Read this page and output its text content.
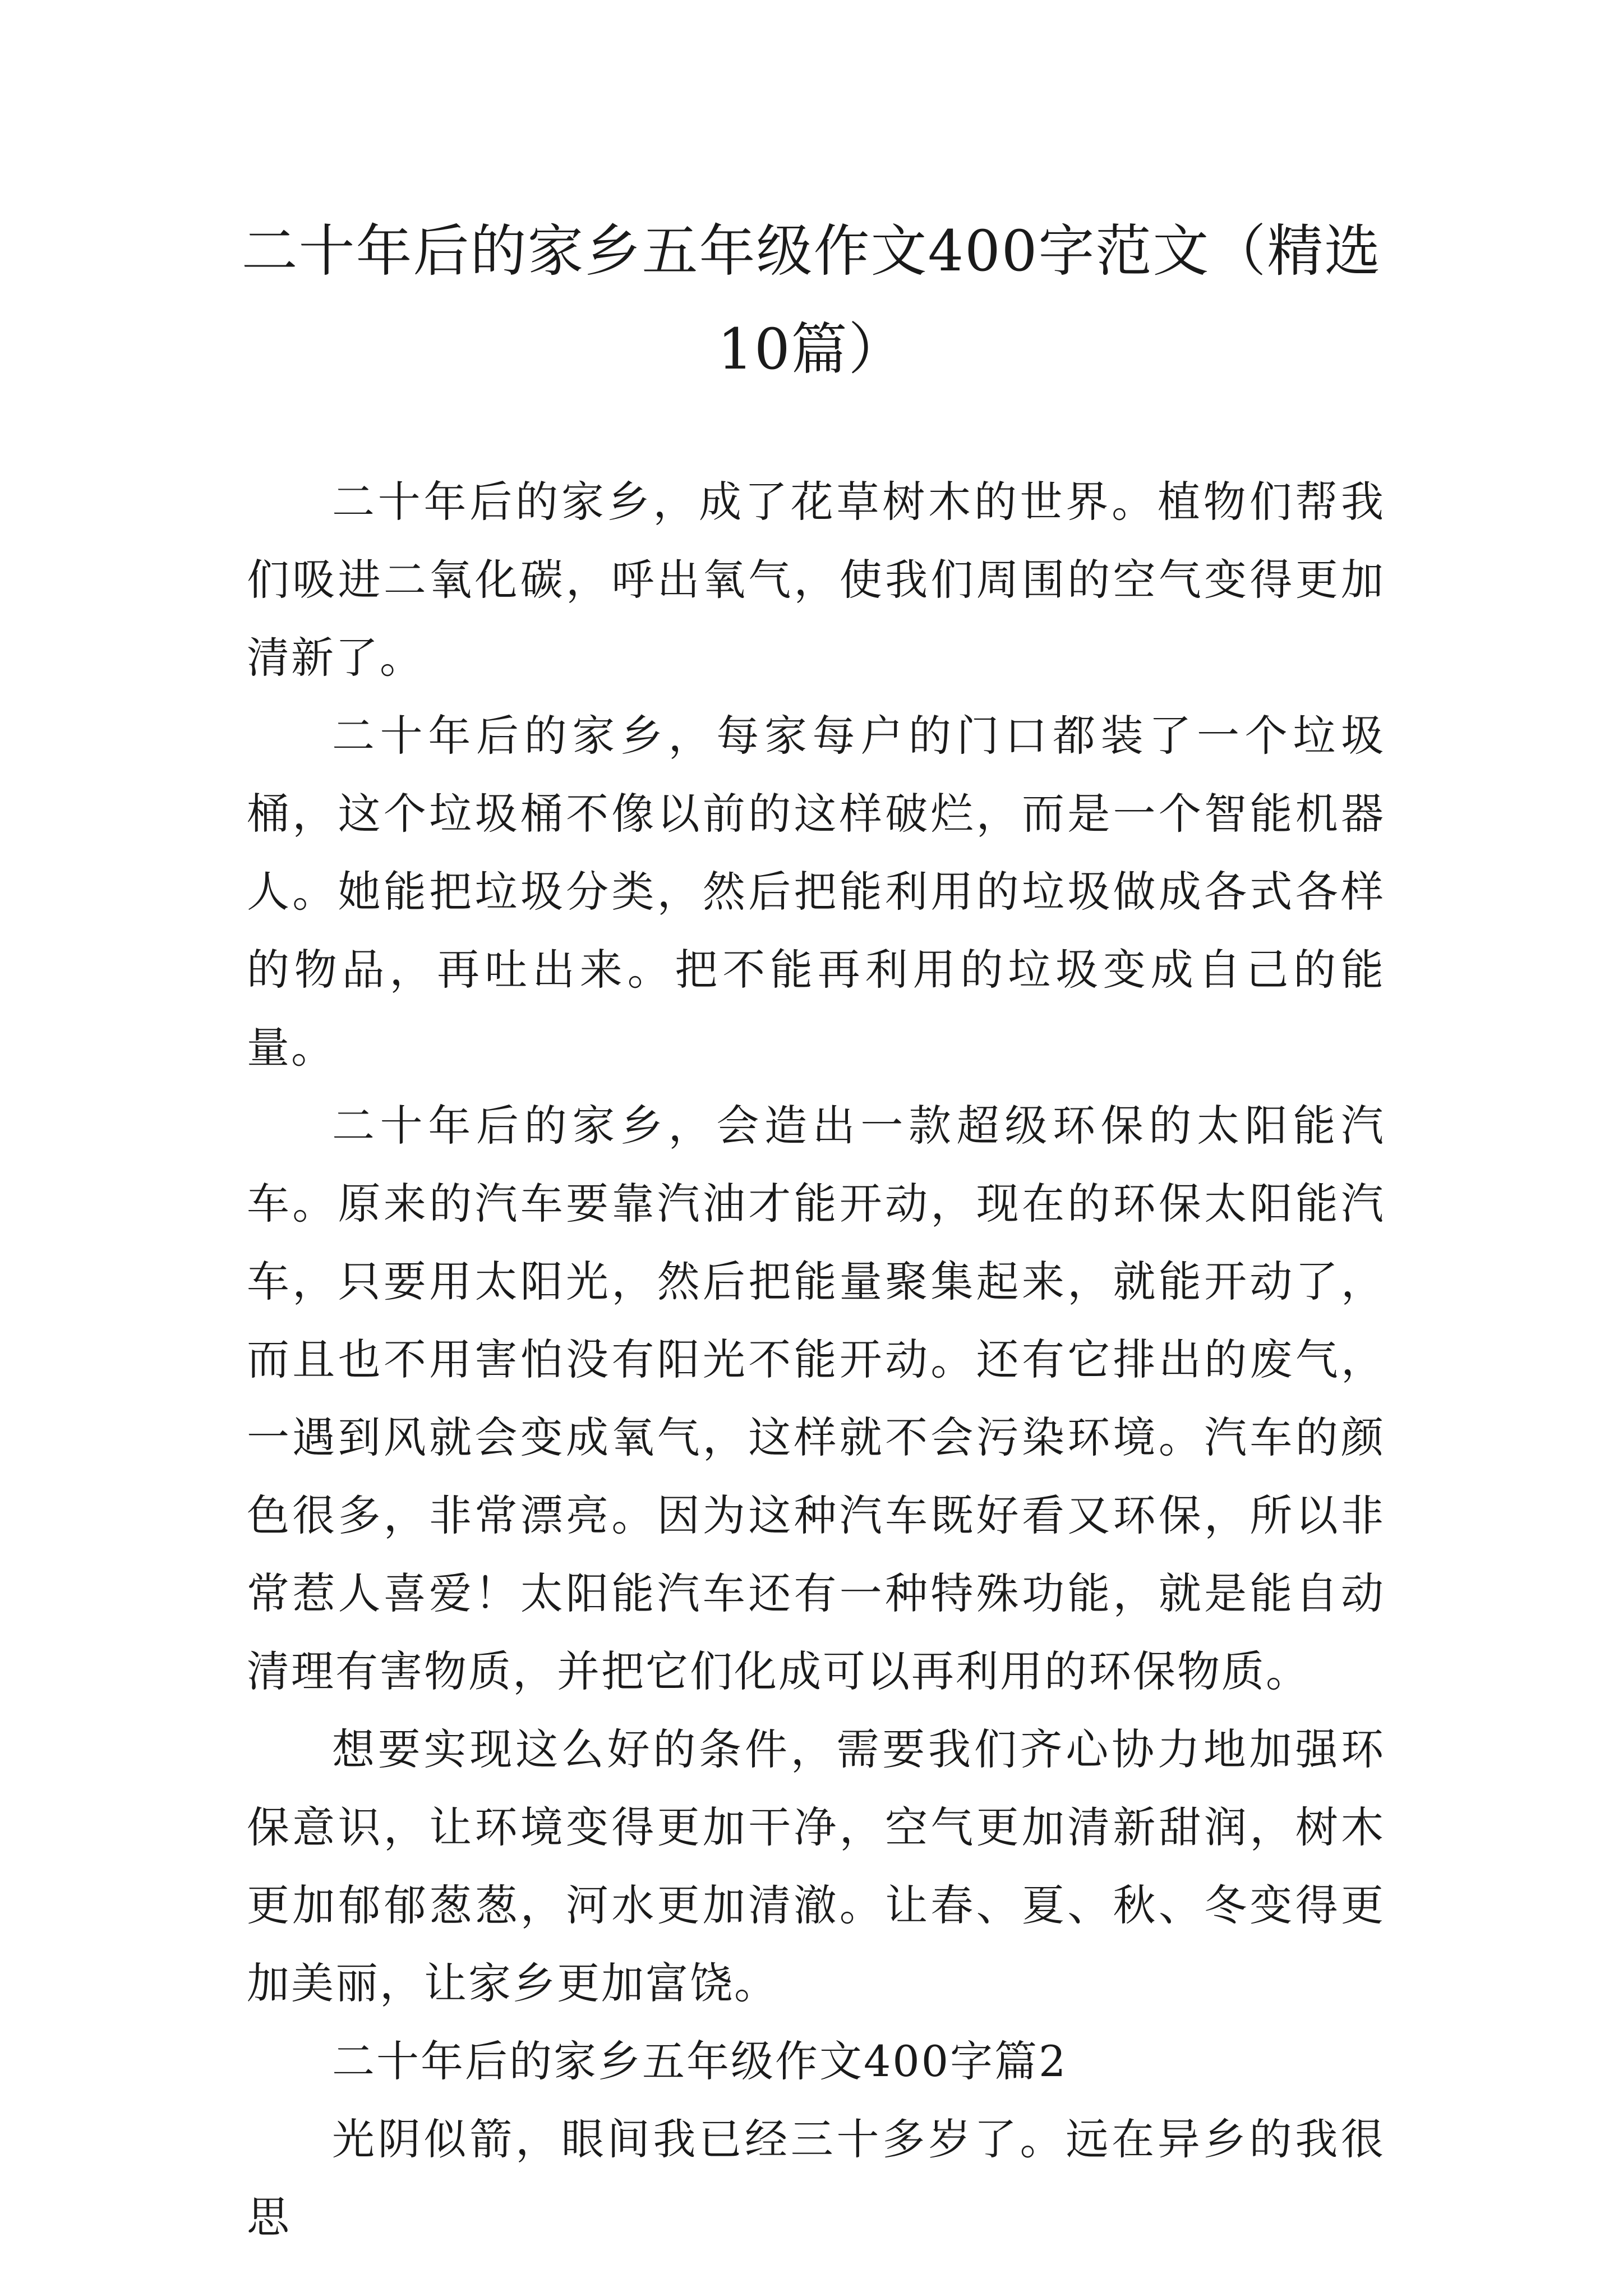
二十年后的家乡五年级作文400字范文（精选10篇）

二十年后的家乡，成了花草树木的世界。植物们帮我们吸进二氧化碳，呼出氧气，使我们周围的空气变得更加清新了。

二十年后的家乡，每家每户的门口都装了一个垃圾桶，这个垃圾桶不像以前的这样破烂，而是一个智能机器人。她能把垃圾分类，然后把能利用的垃圾做成各式各样的物品，再吐出来。把不能再利用的垃圾变成自己的能量。

二十年后的家乡，会造出一款超级环保的太阳能汽车。原来的汽车要靠汽油才能开动，现在的环保太阳能汽车，只要用太阳光，然后把能量聚集起来，就能开动了，而且也不用害怕没有阳光不能开动。还有它排出的废气，一遇到风就会变成氧气，这样就不会污染环境。汽车的颜色很多，非常漂亮。因为这种汽车既好看又环保，所以非常惹人喜爱！太阳能汽车还有一种特殊功能，就是能自动清理有害物质，并把它们化成可以再利用的环保物质。

想要实现这么好的条件，需要我们齐心协力地加强环保意识，让环境变得更加干净，空气更加清新甜润，树木更加郁郁葱葱，河水更加清澈。让春、夏、秋、冬变得更加美丽，让家乡更加富饶。

二十年后的家乡五年级作文400字篇2

光阴似箭，眼间我已经三十多岁了。远在异乡的我很思
